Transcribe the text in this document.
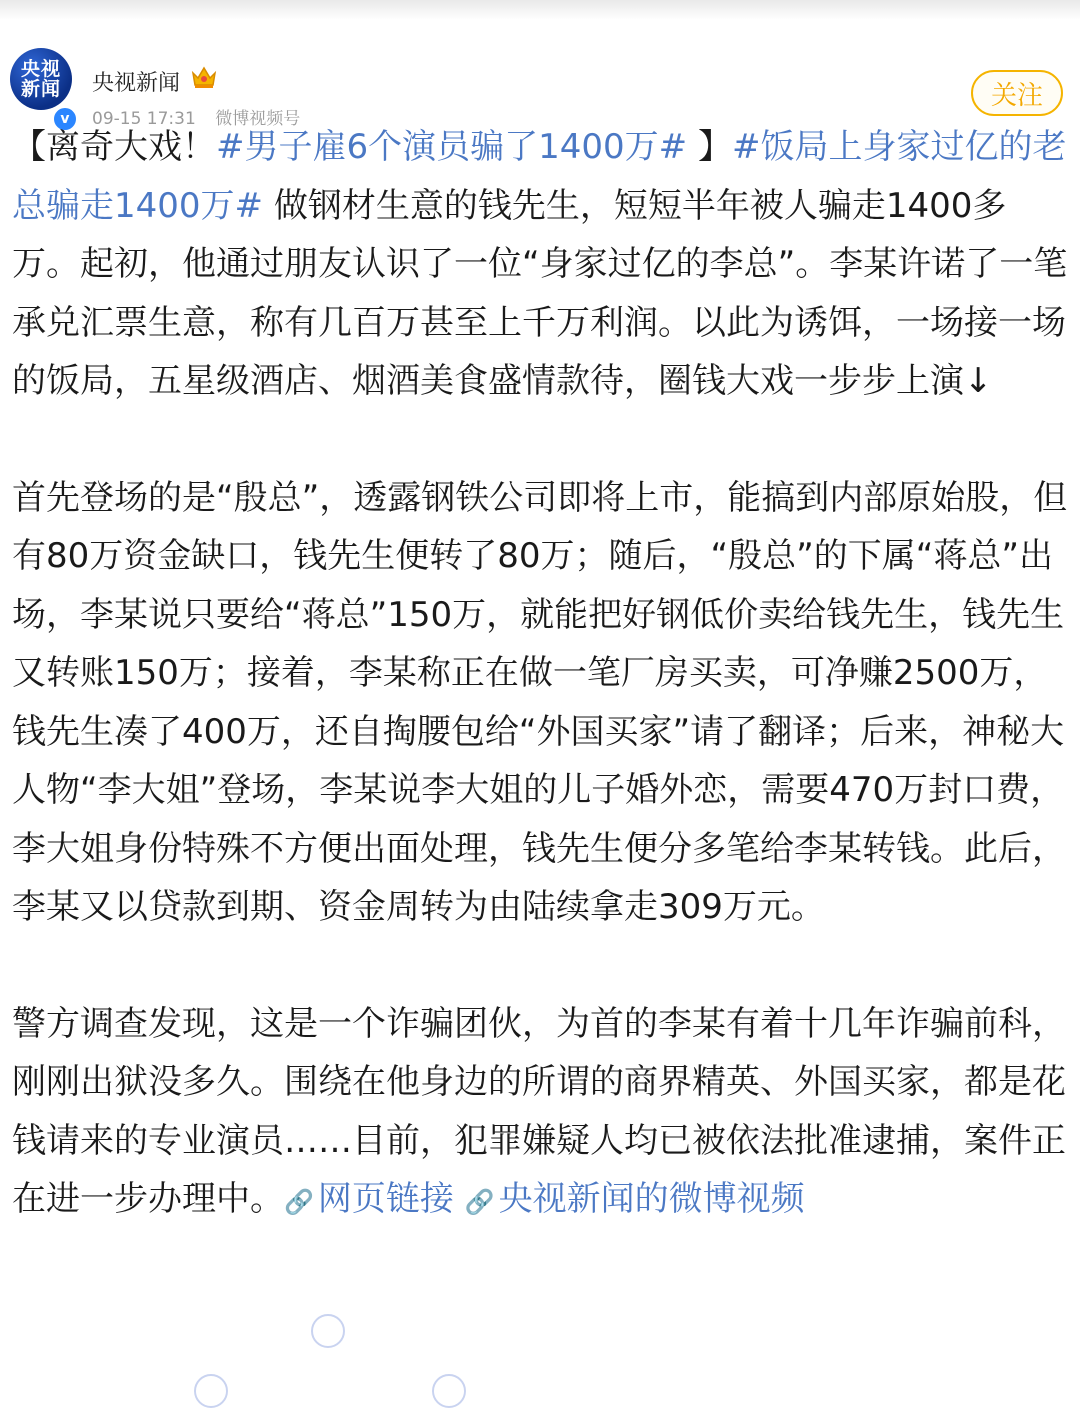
央视
新闻
v
央视新闻
09-15 17:31 微博视频号
关注

【离奇大戏！#男子雇6个演员骗了1400万# 】#饭局上身家过亿的老总骗走1400万# 做钢材生意的钱先生，短短半年被人骗走1400多万。起初，他通过朋友认识了一位“身家过亿的李总”。李某许诺了一笔承兑汇票生意，称有几百万甚至上千万利润。以此为诱饵，一场接一场的饭局，五星级酒店、烟酒美食盛情款待，圈钱大戏一步步上演↓

首先登场的是“殷总”，透露钢铁公司即将上市，能搞到内部原始股，但有80万资金缺口，钱先生便转了80万；随后，“殷总”的下属“蒋总”出场，李某说只要给“蒋总”150万，就能把好钢低价卖给钱先生，钱先生又转账150万；接着，李某称正在做一笔厂房买卖，可净赚2500万，钱先生凑了400万，还自掏腰包给“外国买家”请了翻译；后来，神秘大人物“李大姐”登场，李某说李大姐的儿子婚外恋，需要470万封口费，李大姐身份特殊不方便出面处理，钱先生便分多笔给李某转钱。此后，李某又以贷款到期、资金周转为由陆续拿走309万元。

警方调查发现，这是一个诈骗团伙，为首的李某有着十几年诈骗前科，刚刚出狱没多久。围绕在他身边的所谓的商界精英、外国买家，都是花钱请来的专业演员……目前，犯罪嫌疑人均已被依法批准逮捕，案件正在进一步办理中。🔗 网页链接 🔗 央视新闻的微博视频
